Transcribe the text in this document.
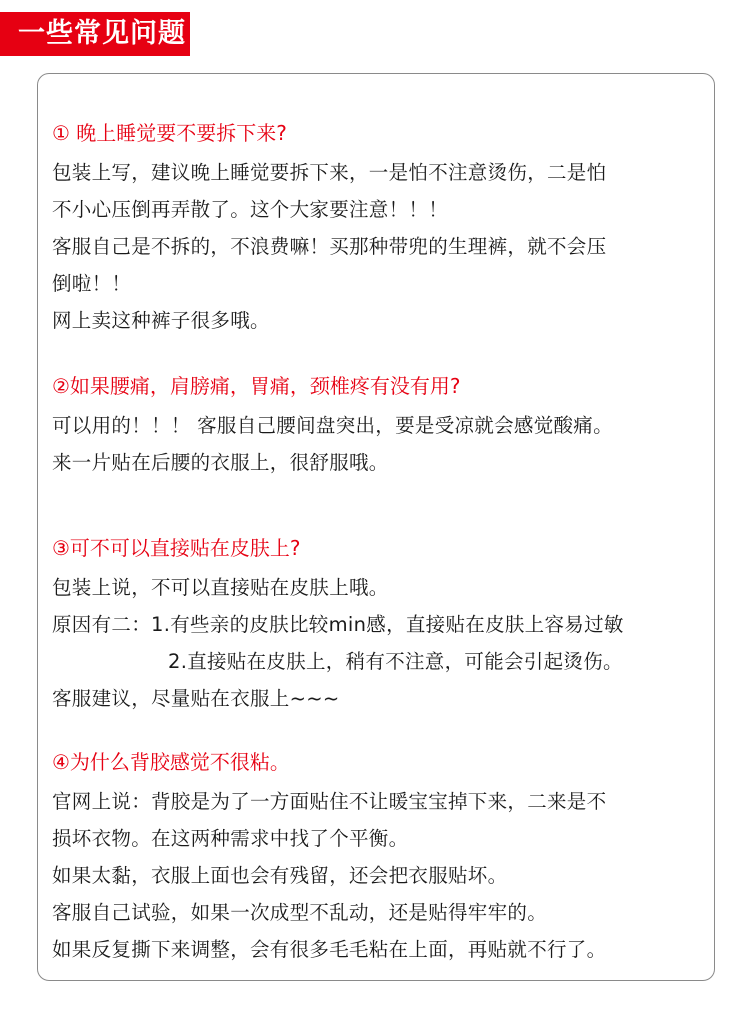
一些常见问题
① 晚上睡觉要不要拆下来?
包装上写，建议晚上睡觉要拆下来，一是怕不注意烫伤，二是怕
不小心压倒再弄散了。这个大家要注意！！！
客服自己是不拆的，不浪费嘛！买那种带兜的生理裤，就不会压
倒啦！！
网上卖这种裤子很多哦。
②如果腰痛，肩膀痛，胃痛，颈椎疼有没有用?
可以用的！！！ 客服自己腰间盘突出，要是受凉就会感觉酸痛。
来一片贴在后腰的衣服上，很舒服哦。
③可不可以直接贴在皮肤上?
包装上说，不可以直接贴在皮肤上哦。
原因有二：1.有些亲的皮肤比较min感，直接贴在皮肤上容易过敏
2.直接贴在皮肤上，稍有不注意，可能会引起烫伤。
客服建议，尽量贴在衣服上~~~
④为什么背胶感觉不很粘。
官网上说：背胶是为了一方面贴住不让暖宝宝掉下来，二来是不
损坏衣物。在这两种需求中找了个平衡。
如果太黏，衣服上面也会有残留，还会把衣服贴坏。
客服自己试验，如果一次成型不乱动，还是贴得牢牢的。
如果反复撕下来调整，会有很多毛毛粘在上面，再贴就不行了。
